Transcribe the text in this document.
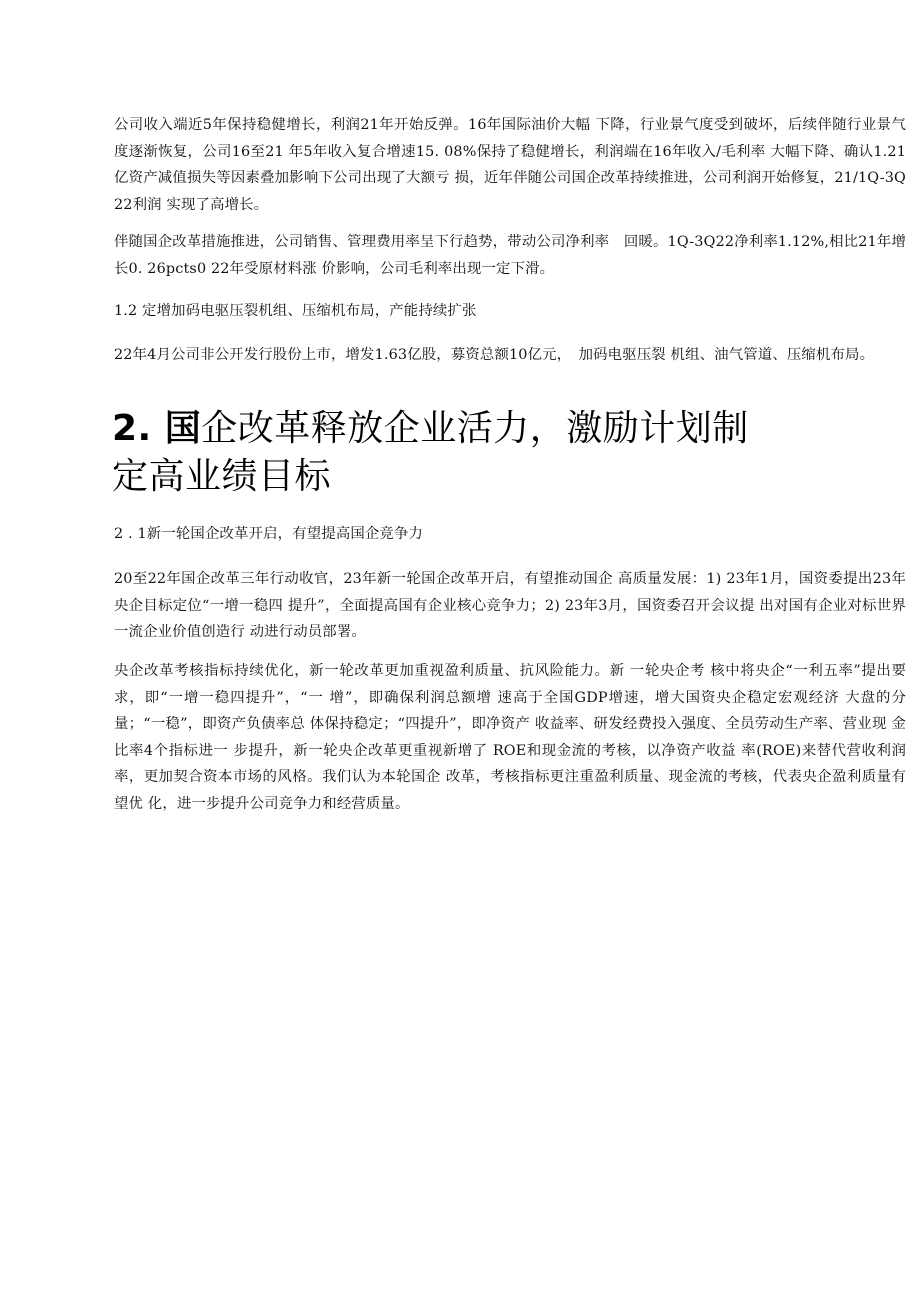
公司收入端近5年保持稳健增长，利润21年开始反弹。16年国际油价大幅 下降，行业景气度受到破坏，后续伴随行业景气度逐渐恢复，公司16至21 年5年收入复合增速15. 08%保持了稳健增长，利润端在16年收入/毛利率 大幅下降、确认1.21亿资产减值损失等因素叠加影响下公司出现了大额亏 损，近年伴随公司国企改革持续推进，公司利润开始修复，21/1Q-3Q22利润 实现了高增长。

伴随国企改革措施推进，公司销售、管理费用率呈下行趋势，带动公司净利率　回暖。1Q-3Q22净利率1.12%,相比21年增长0. 26pcts0 22年受原材料涨 价影响，公司毛利率出现一定下滑。

1.2 定增加码电驱压裂机组、压缩机布局，产能持续扩张

22年4月公司非公开发行股份上市，增发1.63亿股，募资总额10亿元，　加码电驱压裂 机组、油气管道、压缩机布局。

2. 国企改革释放企业活力，激励计划制
定高业绩目标

2 . 1新一轮国企改革开启，有望提高国企竞争力

20至22年国企改革三年行动收官，23年新一轮国企改革开启，有望推动国企 高质量发展：1) 23年1月，国资委提出23年央企目标定位“一增一稳四 提升”，全面提高国有企业核心竞争力；2) 23年3月，国资委召开会议提 出对国有企业对标世界一流企业价值创造行 动进行动员部署。

央企改革考核指标持续优化，新一轮改革更加重视盈利质量、抗风险能力。新 一轮央企考 核中将央企“一利五率”提出要求，即“一增一稳四提升”，“一 增”，即确保利润总额增 速高于全国GDP增速，增大国资央企稳定宏观经济 大盘的分量；“一稳”，即资产负债率总 体保持稳定；“四提升”，即净资产 收益率、研发经费投入强度、全员劳动生产率、营业现 金比率4个指标进一 步提升，新一轮央企改革更重视新增了 ROE和现金流的考核，以净资产收益 率(ROE)来替代营收利润率，更加契合资本市场的风格。我们认为本轮国企 改革，考核指标更注重盈利质量、现金流的考核，代表央企盈利质量有 望优 化，进一步提升公司竞争力和经营质量。
